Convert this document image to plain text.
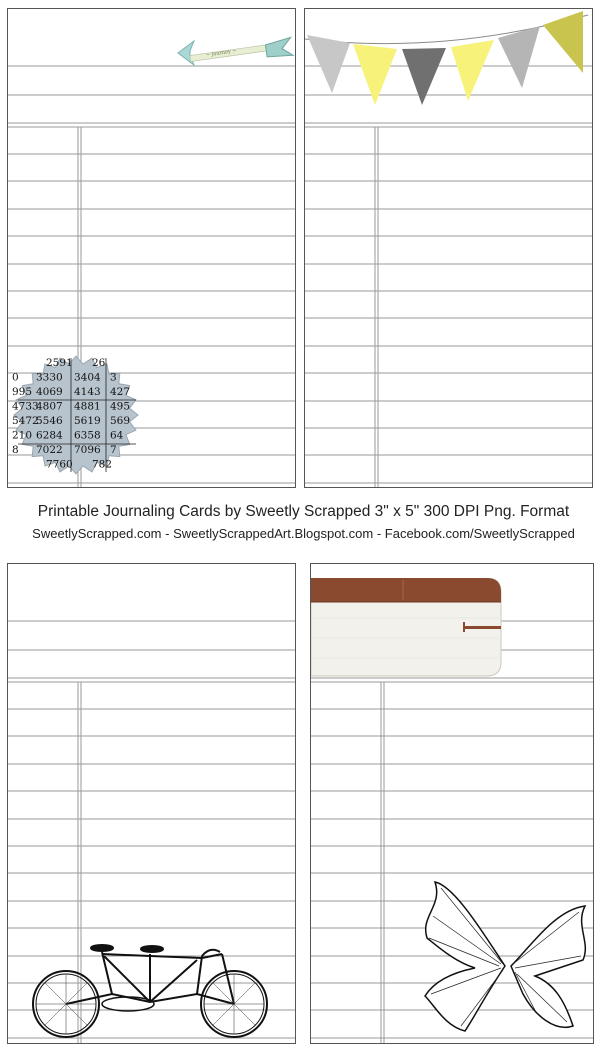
~ journey ~
2591 26
0 3330 3404 3
995 4069 4143 427
4733
4807 4881 495
5472
5546 5619 569
210 6284 6358 64
8 7022 7096 7
7760 782
Printable Journaling Cards by Sweetly Scrapped 3" x 5" 300 DPI Png. Format
SweetlyScrapped.com - SweetlyScrappedArt.Blogspot.com - Facebook.com/SweetlyScrapped
